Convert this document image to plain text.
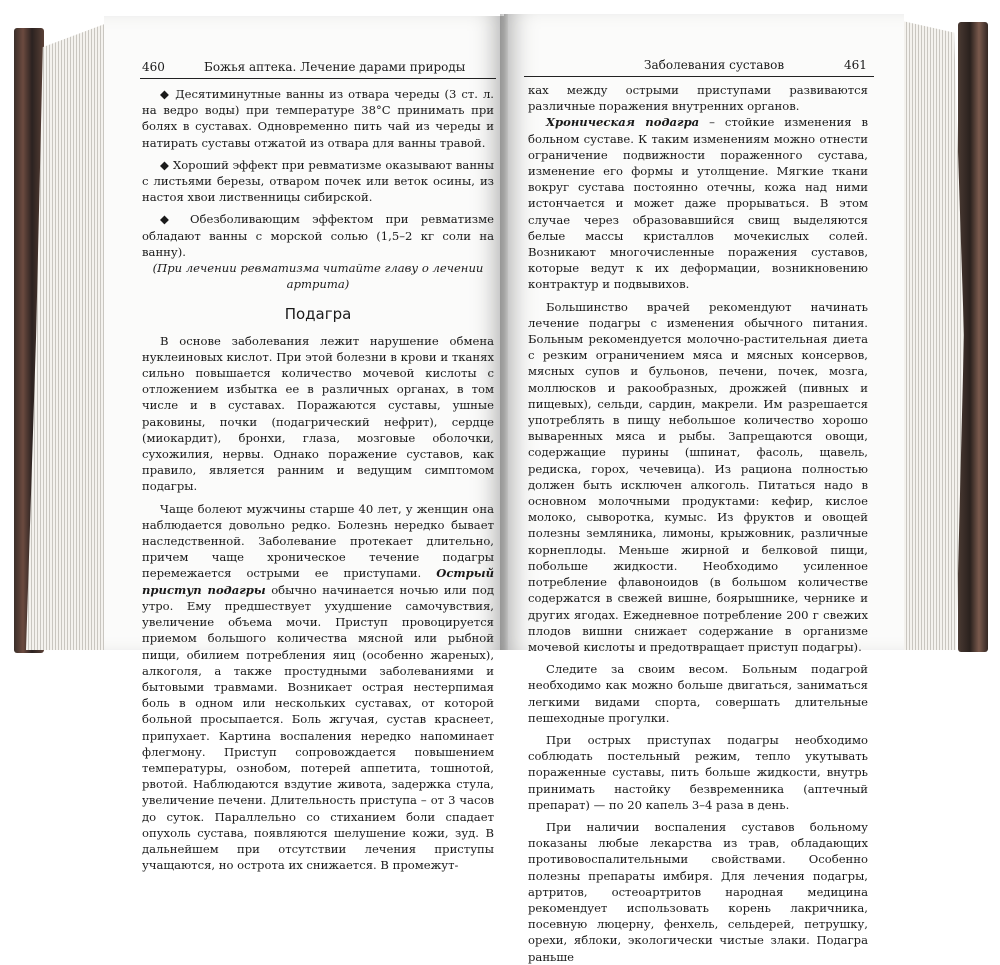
460	Божья аптека. Лечение дарами природы

◆ Десятиминутные ванны из отвара череды (3 ст. л. на ведро воды) при температуре 38°С принимать при болях в суставах. Одновременно пить чай из череды и натирать суставы отжатой из отвара для ванны травой.

◆ Хороший эффект при ревматизме оказывают ванны с листьями березы, отваром почек или веток осины, из настоя хвои лиственницы сибирской.

◆ Обезболивающим эффектом при ревматизме обладают ванны с морской солью (1,5–2 кг соли на ванну).

(При лечении ревматизма читайте главу о лечении артрита)

Подагра

В основе заболевания лежит нарушение обмена нуклеиновых кислот. При этой болезни в крови и тканях сильно повышается количество мочевой кислоты с отложением избытка ее в различных органах, в том числе и в суставах. Поражаются суставы, ушные раковины, почки (подагрический нефрит), сердце (миокардит), бронхи, глаза, мозговые оболочки, сухожилия, нервы. Однако поражение суставов, как правило, является ранним и ведущим симптомом подагры.

Чаще болеют мужчины старше 40 лет, у женщин она наблюдается довольно редко. Болезнь нередко бывает наследственной. Заболевание протекает длительно, причем чаще хроническое течение подагры перемежается острыми ее приступами. Острый приступ подагры обычно начинается ночью или под утро. Ему предшествует ухудшение самочувствия, увеличение объема мочи. Приступ провоцируется приемом большого количества мясной или рыбной пищи, обилием потребления яиц (особенно жареных), алкоголя, а также простудными заболеваниями и бытовыми травмами. Возникает острая нестерпимая боль в одном или нескольких суставах, от которой больной просыпается. Боль жгучая, сустав краснеет, припухает. Картина воспаления нередко напоминает флегмону. Приступ сопровождается повышением температуры, ознобом, потерей аппетита, тошнотой, рвотой. Наблюдаются вздутие живота, задержка стула, увеличение печени. Длительность приступа – от 3 часов до суток. Параллельно со стиханием боли спадает опухоль сустава, появляются шелушение кожи, зуд. В дальнейшем при отсутствии лечения приступы учащаются, но острота их снижается. В промежут-

Заболевания суставов	461

ках между острыми приступами развиваются различные поражения внутренних органов.

Хроническая подагра – стойкие изменения в больном суставе. К таким изменениям можно отнести ограничение подвижности пораженного сустава, изменение его формы и утолщение. Мягкие ткани вокруг сустава постоянно отечны, кожа над ними истончается и может даже прорываться. В этом случае через образовавшийся свищ выделяются белые массы кристаллов мочекислых солей. Возникают многочисленные поражения суставов, которые ведут к их деформации, возникновению контрактур и подвывихов.

Большинство врачей рекомендуют начинать лечение подагры с изменения обычного питания. Больным рекомендуется молочно-растительная диета с резким ограничением мяса и мясных консервов, мясных супов и бульонов, печени, почек, мозга, моллюсков и ракообразных, дрожжей (пивных и пищевых), сельди, сардин, макрели. Им разрешается употреблять в пищу небольшое количество хорошо вываренных мяса и рыбы. Запрещаются овощи, содержащие пурины (шпинат, фасоль, щавель, редиска, горох, чечевица). Из рациона полностью должен быть исключен алкоголь. Питаться надо в основном молочными продуктами: кефир, кислое молоко, сыворотка, кумыс. Из фруктов и овощей полезны земляника, лимоны, крыжовник, различные корнеплоды. Меньше жирной и белковой пищи, побольше жидкости. Необходимо усиленное потребление флавоноидов (в большом количестве содержатся в свежей вишне, боярышнике, чернике и других ягодах. Ежедневное потребление 200 г свежих плодов вишни снижает содержание в организме мочевой кислоты и предотвращает приступ подагры).

Следите за своим весом. Больным подагрой необходимо как можно больше двигаться, заниматься легкими видами спорта, совершать длительные пешеходные прогулки.

При острых приступах подагры необходимо соблюдать постельный режим, тепло укутывать пораженные суставы, пить больше жидкости, внутрь принимать настойку безвременника (аптечный препарат) — по 20 капель 3–4 раза в день.

При наличии воспаления суставов больному показаны любые лекарства из трав, обладающих противовоспалительными свойствами. Особенно полезны препараты имбиря. Для лечения подагры, артритов, остеоартритов народная медицина рекомендует использовать корень лакричника, посевную люцерну, фенхель, сельдерей, петрушку, орехи, яблоки, экологически чистые злаки. Подагра раньше
